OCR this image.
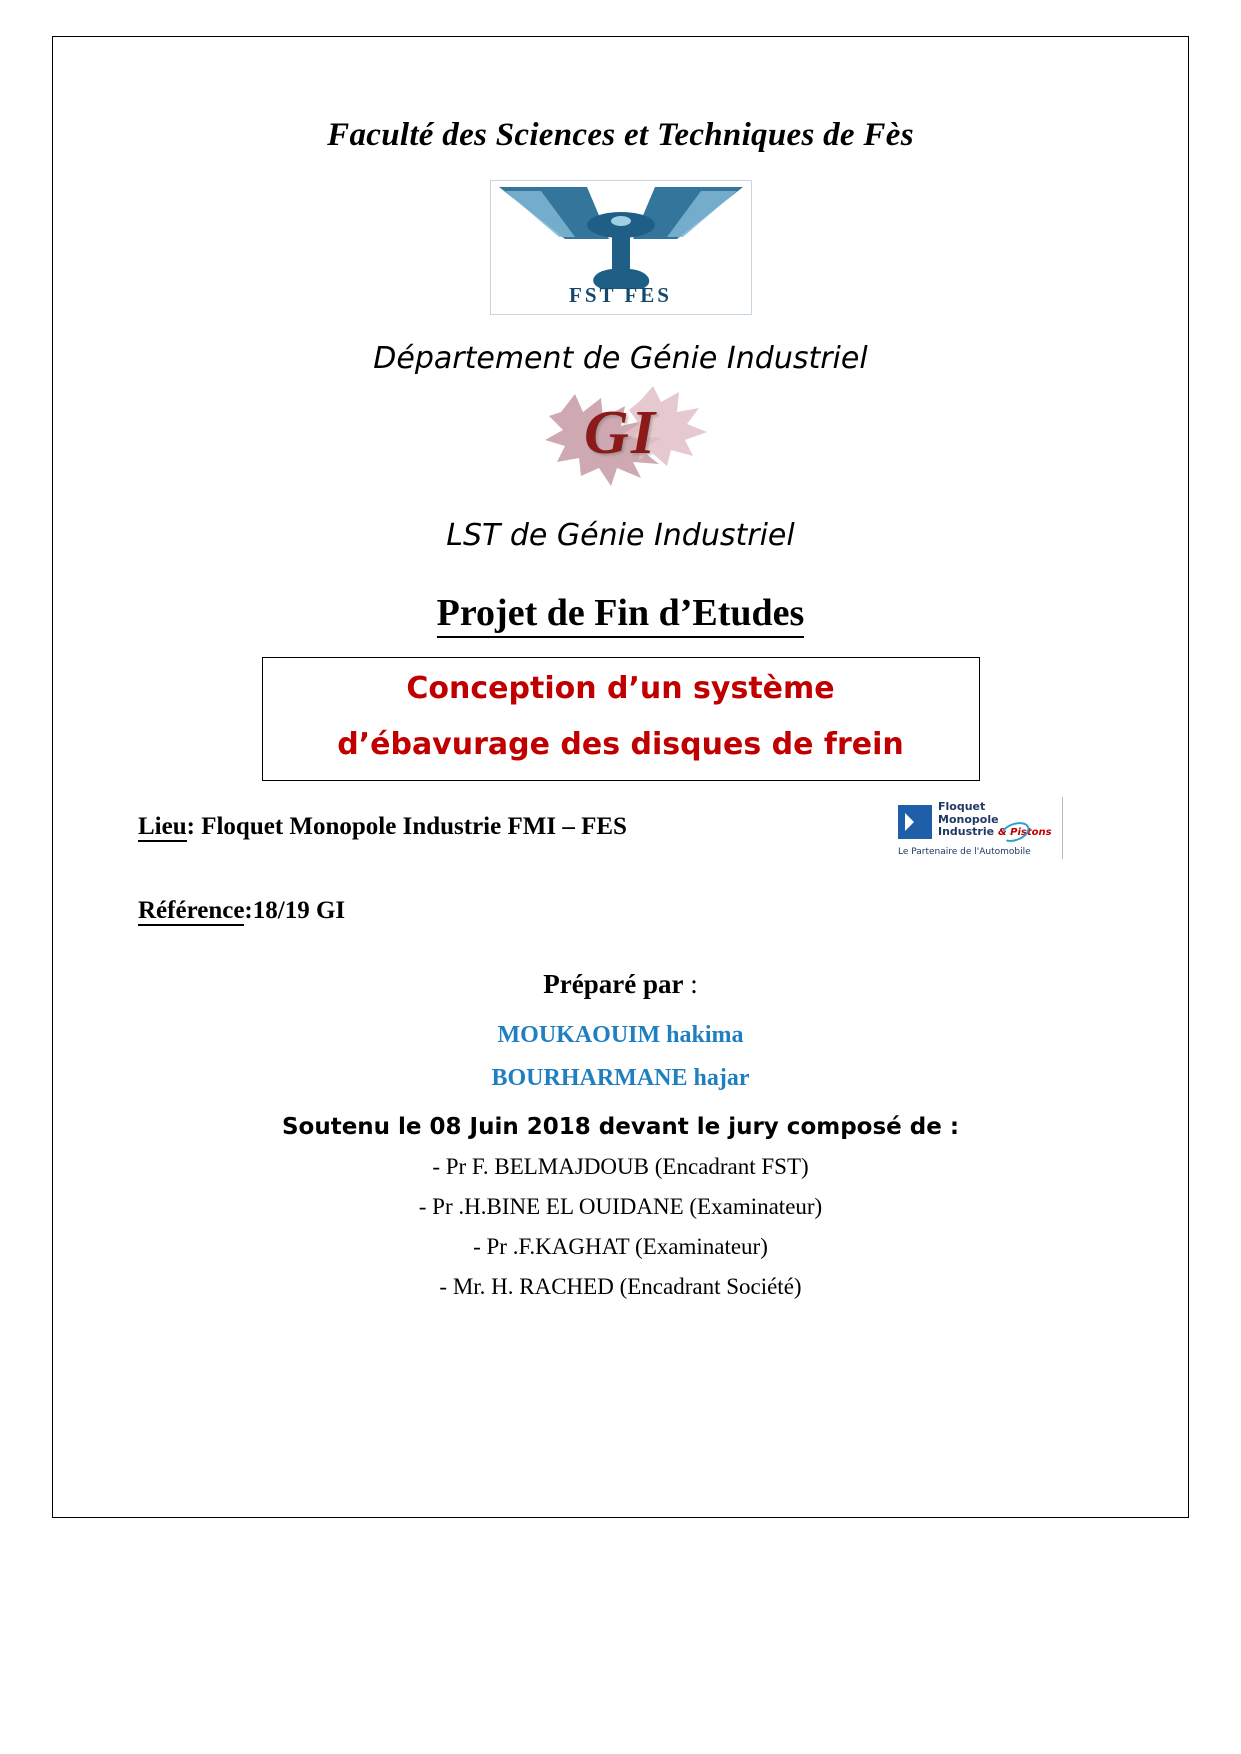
Faculté des Sciences et Techniques de Fès
FST FES
Département de Génie Industriel
GI
LST de Génie Industriel
Projet de Fin d’Etudes
Conception d’un système
d’ébavurage des disques de frein
Lieu: Floquet Monopole Industrie FMI – FES
Floquet
Monopole
Industrie & Pistons
Le Partenaire de l'Automobile
Référence:18/19 GI
Préparé par :
MOUKAOUIM hakima
BOURHARMANE hajar
Soutenu le 08 Juin 2018 devant le jury composé de :
- Pr F. BELMAJDOUB (Encadrant FST)
- Pr .H.BINE EL OUIDANE (Examinateur)
- Pr .F.KAGHAT (Examinateur)
- Mr. H. RACHED (Encadrant Société)
